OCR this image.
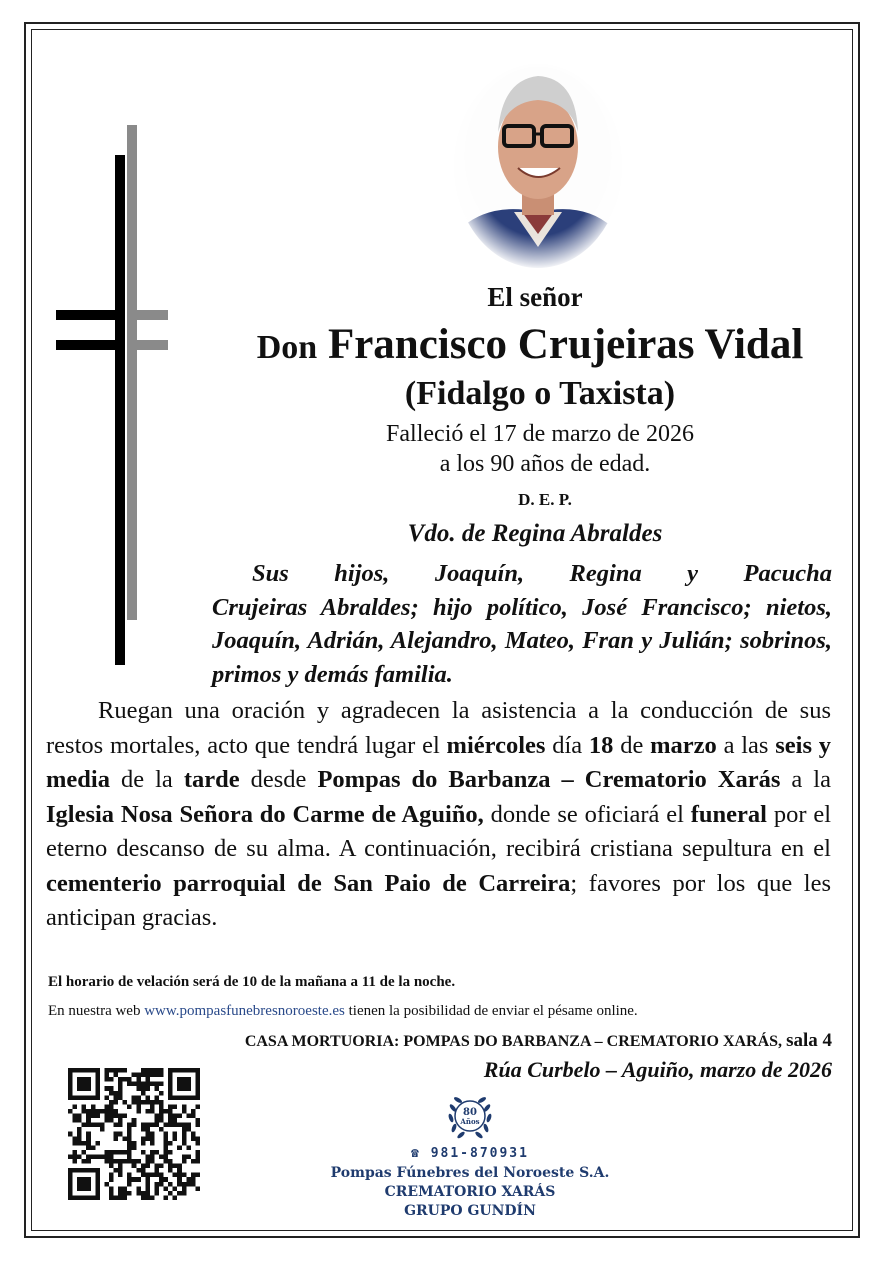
El señor
Don Francisco Crujeiras Vidal
(Fidalgo o Taxista)
Falleció el 17 de marzo de 2026
a los 90 años de edad.
D. E. P.
Vdo. de Regina Abraldes
Sus hijos, Joaquín, Regina y Pacucha
Crujeiras Abraldes; hijo político, José Francisco; nietos, Joaquín, Adrián, Alejandro, Mateo, Fran y Julián; sobrinos, primos y demás familia.
Ruegan una oración y agradecen la asistencia a la conducción de sus restos mortales, acto que tendrá lugar el miércoles día 18 de marzo a las seis y media de la tarde desde Pompas do Barbanza – Crematorio Xarás a la Iglesia Nosa Señora do Carme de Aguiño, donde se oficiará el funeral por el eterno descanso de su alma. A continuación, recibirá cristiana sepultura en el cementerio parroquial de San Paio de Carreira; favores por los que les anticipan gracias.
El horario de velación será de 10 de la mañana a 11 de la noche.
En nuestra web www.pompasfunebresnoroeste.es tienen la posibilidad de enviar el pésame online.
CASA MORTUORIA: POMPAS DO BARBANZA – CREMATORIO XARÁS, sala 4
Rúa Curbelo – Aguiño, marzo de 2026
80
Años
☎ 981-870931
Pompas Fúnebres del Noroeste S.A.
CREMATORIO XARÁS
GRUPO GUNDÍN
